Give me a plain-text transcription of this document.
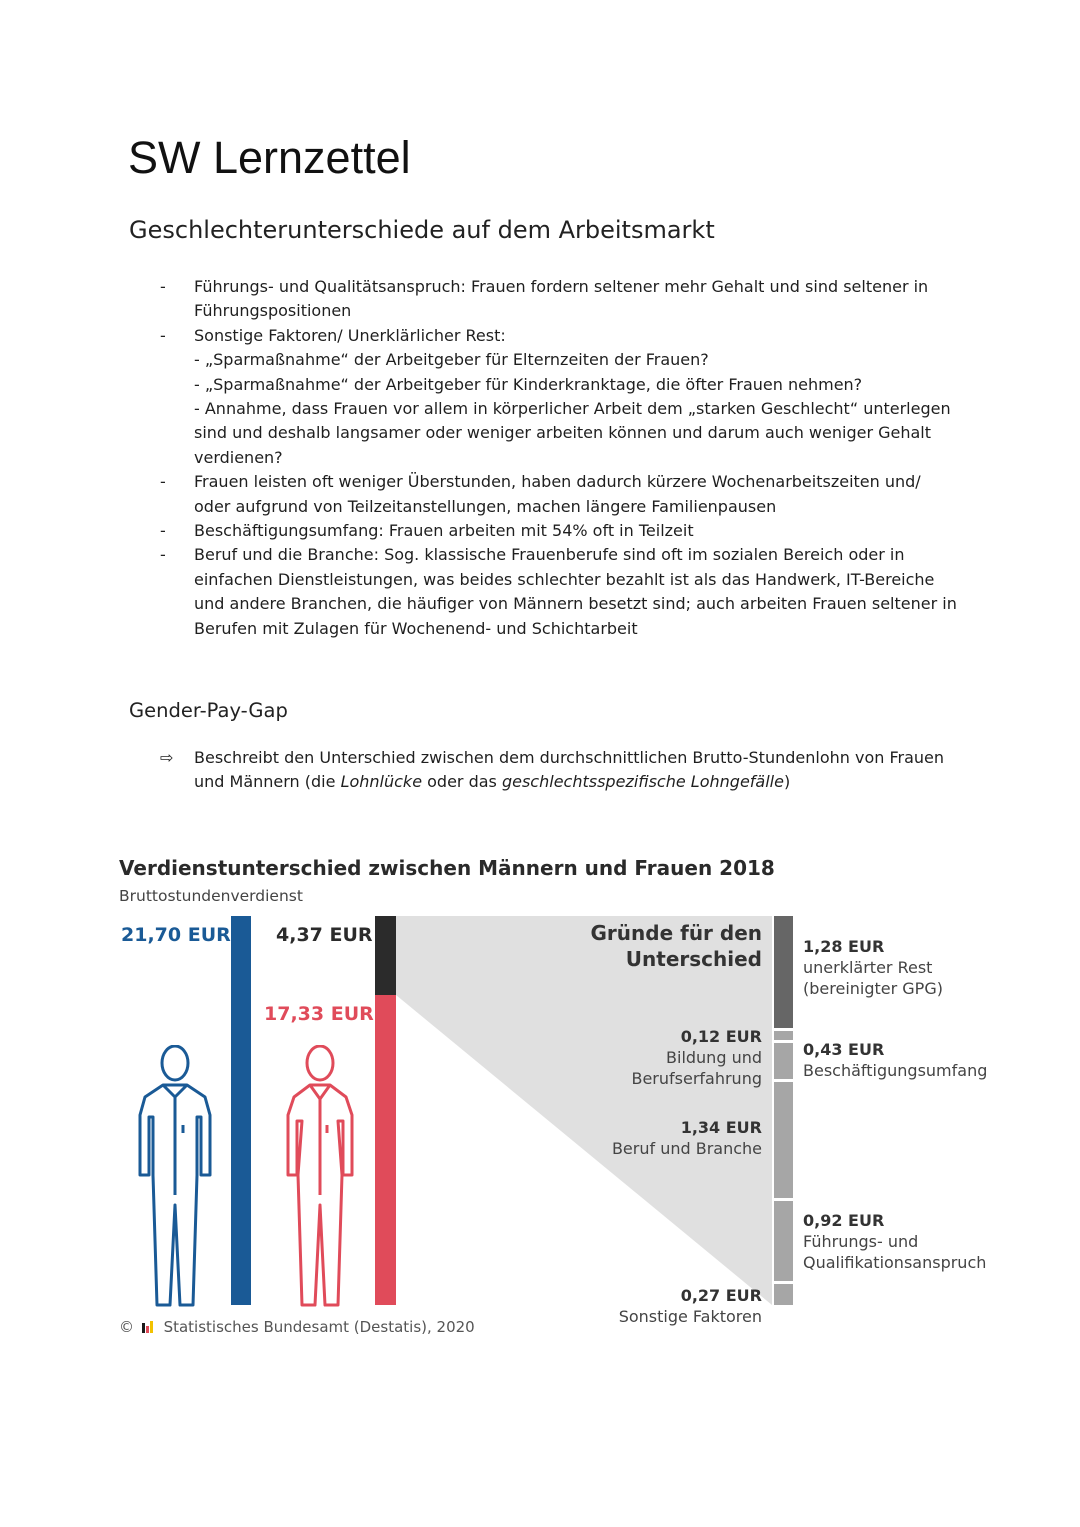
SW Lernzettel
Geschlechterunterschiede auf dem Arbeitsmarkt
- Führungs- und Qualitätsanspruch: Frauen fordern seltener mehr Gehalt und sind seltener in Führungspositionen
- Sonstige Faktoren/ Unerklärlicher Rest:
- „Sparmaßnahme“ der Arbeitgeber für Elternzeiten der Frauen?
- „Sparmaßnahme“ der Arbeitgeber für Kinderkranktage, die öfter Frauen nehmen?
- Annahme, dass Frauen vor allem in körperlicher Arbeit dem „starken Geschlecht“ unterlegen sind und deshalb langsamer oder weniger arbeiten können und darum auch weniger Gehalt verdienen?
- Frauen leisten oft weniger Überstunden, haben dadurch kürzere Wochenarbeitszeiten und/ oder aufgrund von Teilzeitanstellungen, machen längere Familienpausen
- Beschäftigungsumfang: Frauen arbeiten mit 54% oft in Teilzeit
- Beruf und die Branche: Sog. klassische Frauenberufe sind oft im sozialen Bereich oder in einfachen Dienstleistungen, was beides schlechter bezahlt ist als das Handwerk, IT-Bereiche und andere Branchen, die häufiger von Männern besetzt sind; auch arbeiten Frauen seltener in Berufen mit Zulagen für Wochenend- und Schichtarbeit
Gender-Pay-Gap
⇨ Beschreibt den Unterschied zwischen dem durchschnittlichen Brutto-Stundenlohn von Frauen und Männern (die Lohnlücke oder das geschlechtsspezifische Lohngefälle)
Verdienstunterschied zwischen Männern und Frauen 2018
Bruttostundenverdienst
21,70 EUR 4,37 EUR
17,33 EUR
Gründe für den
Unterschied
0,12 EUR
Bildung und
Berufserfahrung
1,34 EUR
Beruf und Branche
0,27 EUR
Sonstige Faktoren
1,28 EUR
unerklärter Rest
(bereinigter GPG)
0,43 EUR
Beschäftigungsumfang
0,92 EUR
Führungs- und
Qualifikationsanspruch
© Statistisches Bundesamt (Destatis), 2020
